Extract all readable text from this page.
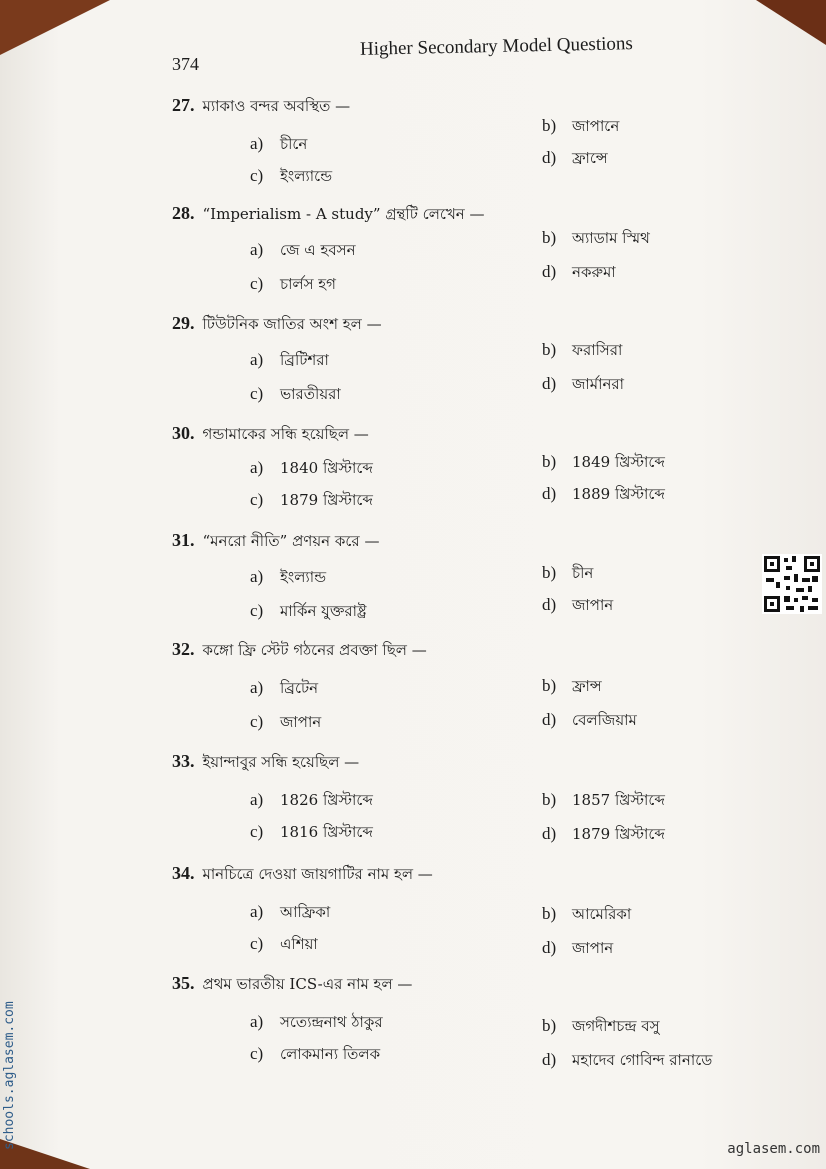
374
Higher Secondary Model Questions
27. ম্যাকাও বন্দর অবস্থিত —
a) চীনে
b) জাপানে
c) ইংল্যান্ডে
d) ফ্রান্সে
28. “Imperialism - A study” গ্রন্থটি লেখেন —
a) জে এ হবসন
b) অ্যাডাম স্মিথ
c) চার্লস হগ
d) নকরুমা
29. টিউটনিক জাতির অংশ হল —
a) ব্রিটিশরা
b) ফরাসিরা
c) ভারতীয়রা
d) জার্মানরা
30. গন্ডামাকের সন্ধি হয়েছিল —
a) 1840 খ্রিস্টাব্দে	b) 1849 খ্রিস্টাব্দে
c) 1879 খ্রিস্টাব্দে	d) 1889 খ্রিস্টাব্দে
31. “মনরো নীতি” প্রণয়ন করে —
a) ইংল্যান্ড	b) চীন
c) মার্কিন যুক্তরাষ্ট্র	d) জাপান
32. কঙ্গো ফ্রি স্টেট গঠনের প্রবক্তা ছিল —
a) ব্রিটেন	b) ফ্রান্স
c) জাপান	d) বেলজিয়াম
33. ইয়ান্দাবুর সন্ধি হয়েছিল —
a) 1826 খ্রিস্টাব্দে	b) 1857 খ্রিস্টাব্দে
c) 1816 খ্রিস্টাব্দে	d) 1879 খ্রিস্টাব্দে
34. মানচিত্রে দেওয়া জায়গাটির নাম হল —
a) আফ্রিকা	b) আমেরিকা
c) এশিয়া	d) জাপান
35. প্রথম ভারতীয় ICS-এর নাম হল —
a) সত্যেন্দ্রনাথ ঠাকুর	b) জগদীশচন্দ্র বসু
c) লোকমান্য তিলক	d) মহাদেব গোবিন্দ রানাডে
schools.aglasem.com	aglasem.com
